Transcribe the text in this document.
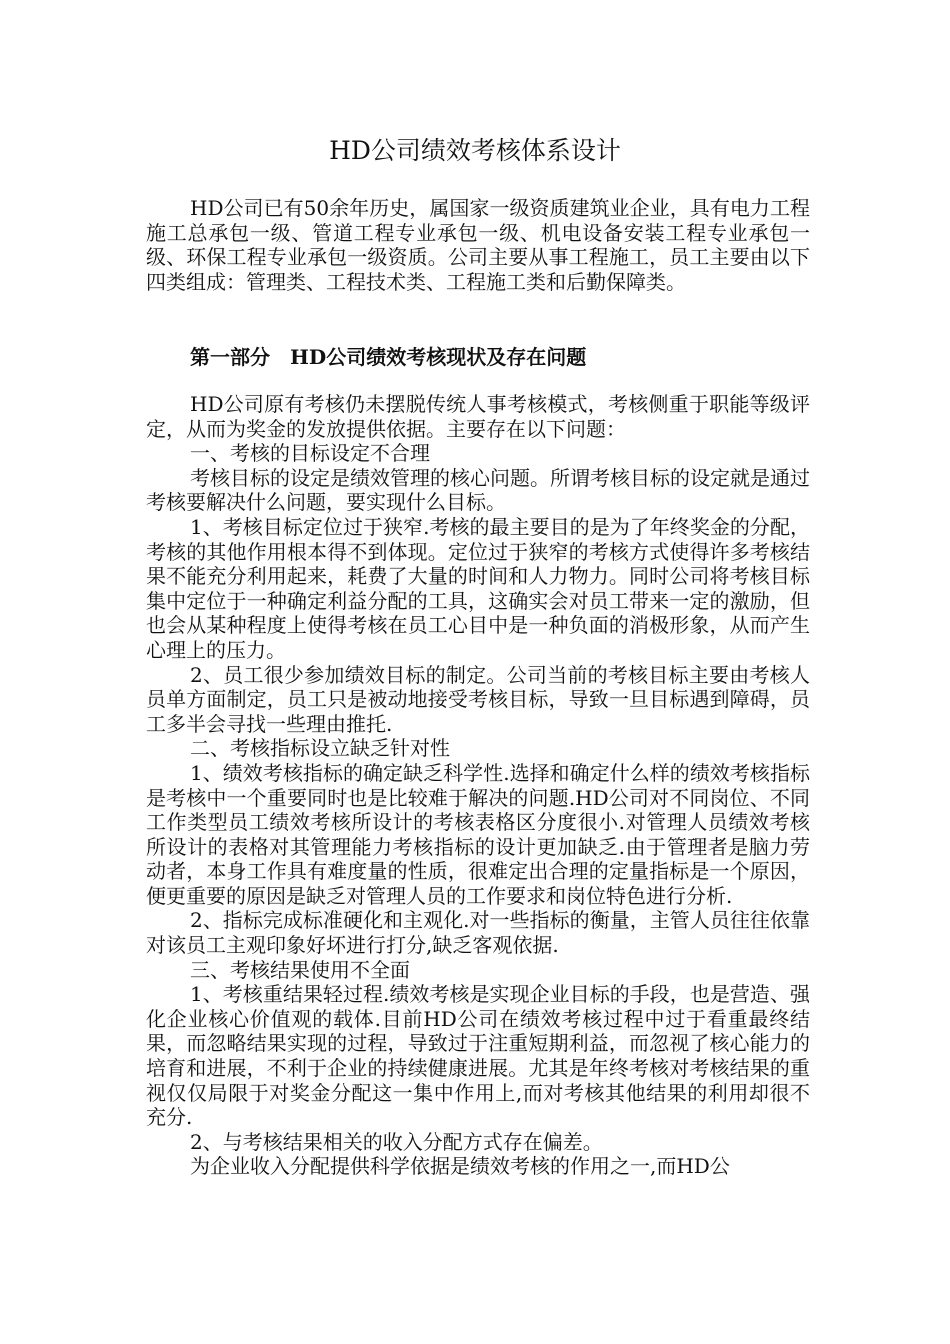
HD公司绩效考核体系设计

HD公司已有50余年历史，属国家一级资质建筑业企业，具有电力工程施工总承包一级、管道工程专业承包一级、机电设备安装工程专业承包一级、环保工程专业承包一级资质。公司主要从事工程施工，员工主要由以下四类组成：管理类、工程技术类、工程施工类和后勤保障类。

第一部分　HD公司绩效考核现状及存在问题

HD公司原有考核仍未摆脱传统人事考核模式，考核侧重于职能等级评定，从而为奖金的发放提供依据。主要存在以下问题：

一、考核的目标设定不合理

考核目标的设定是绩效管理的核心问题。所谓考核目标的设定就是通过考核要解决什么问题，要实现什么目标。

1、考核目标定位过于狭窄.考核的最主要目的是为了年终奖金的分配，考核的其他作用根本得不到体现。定位过于狭窄的考核方式使得许多考核结果不能充分利用起来，耗费了大量的时间和人力物力。同时公司将考核目标集中定位于一种确定利益分配的工具，这确实会对员工带来一定的激励，但也会从某种程度上使得考核在员工心目中是一种负面的消极形象，从而产生心理上的压力。

2、员工很少参加绩效目标的制定。公司当前的考核目标主要由考核人员单方面制定，员工只是被动地接受考核目标，导致一旦目标遇到障碍，员工多半会寻找一些理由推托.

二、考核指标设立缺乏针对性

1、绩效考核指标的确定缺乏科学性.选择和确定什么样的绩效考核指标是考核中一个重要同时也是比较难于解决的问题.HD公司对不同岗位、不同工作类型员工绩效考核所设计的考核表格区分度很小.对管理人员绩效考核所设计的表格对其管理能力考核指标的设计更加缺乏.由于管理者是脑力劳动者，本身工作具有难度量的性质，很难定出合理的定量指标是一个原因，便更重要的原因是缺乏对管理人员的工作要求和岗位特色进行分析.

2、指标完成标准硬化和主观化.对一些指标的衡量，主管人员往往依靠对该员工主观印象好坏进行打分,缺乏客观依据.

三、考核结果使用不全面

1、考核重结果轻过程.绩效考核是实现企业目标的手段，也是营造、强化企业核心价值观的载体.目前HD公司在绩效考核过程中过于看重最终结果，而忽略结果实现的过程，导致过于注重短期利益，而忽视了核心能力的培育和进展，不利于企业的持续健康进展。尤其是年终考核对考核结果的重视仅仅局限于对奖金分配这一集中作用上,而对考核其他结果的利用却很不充分.

2、与考核结果相关的收入分配方式存在偏差。

为企业收入分配提供科学依据是绩效考核的作用之一,而HD公
